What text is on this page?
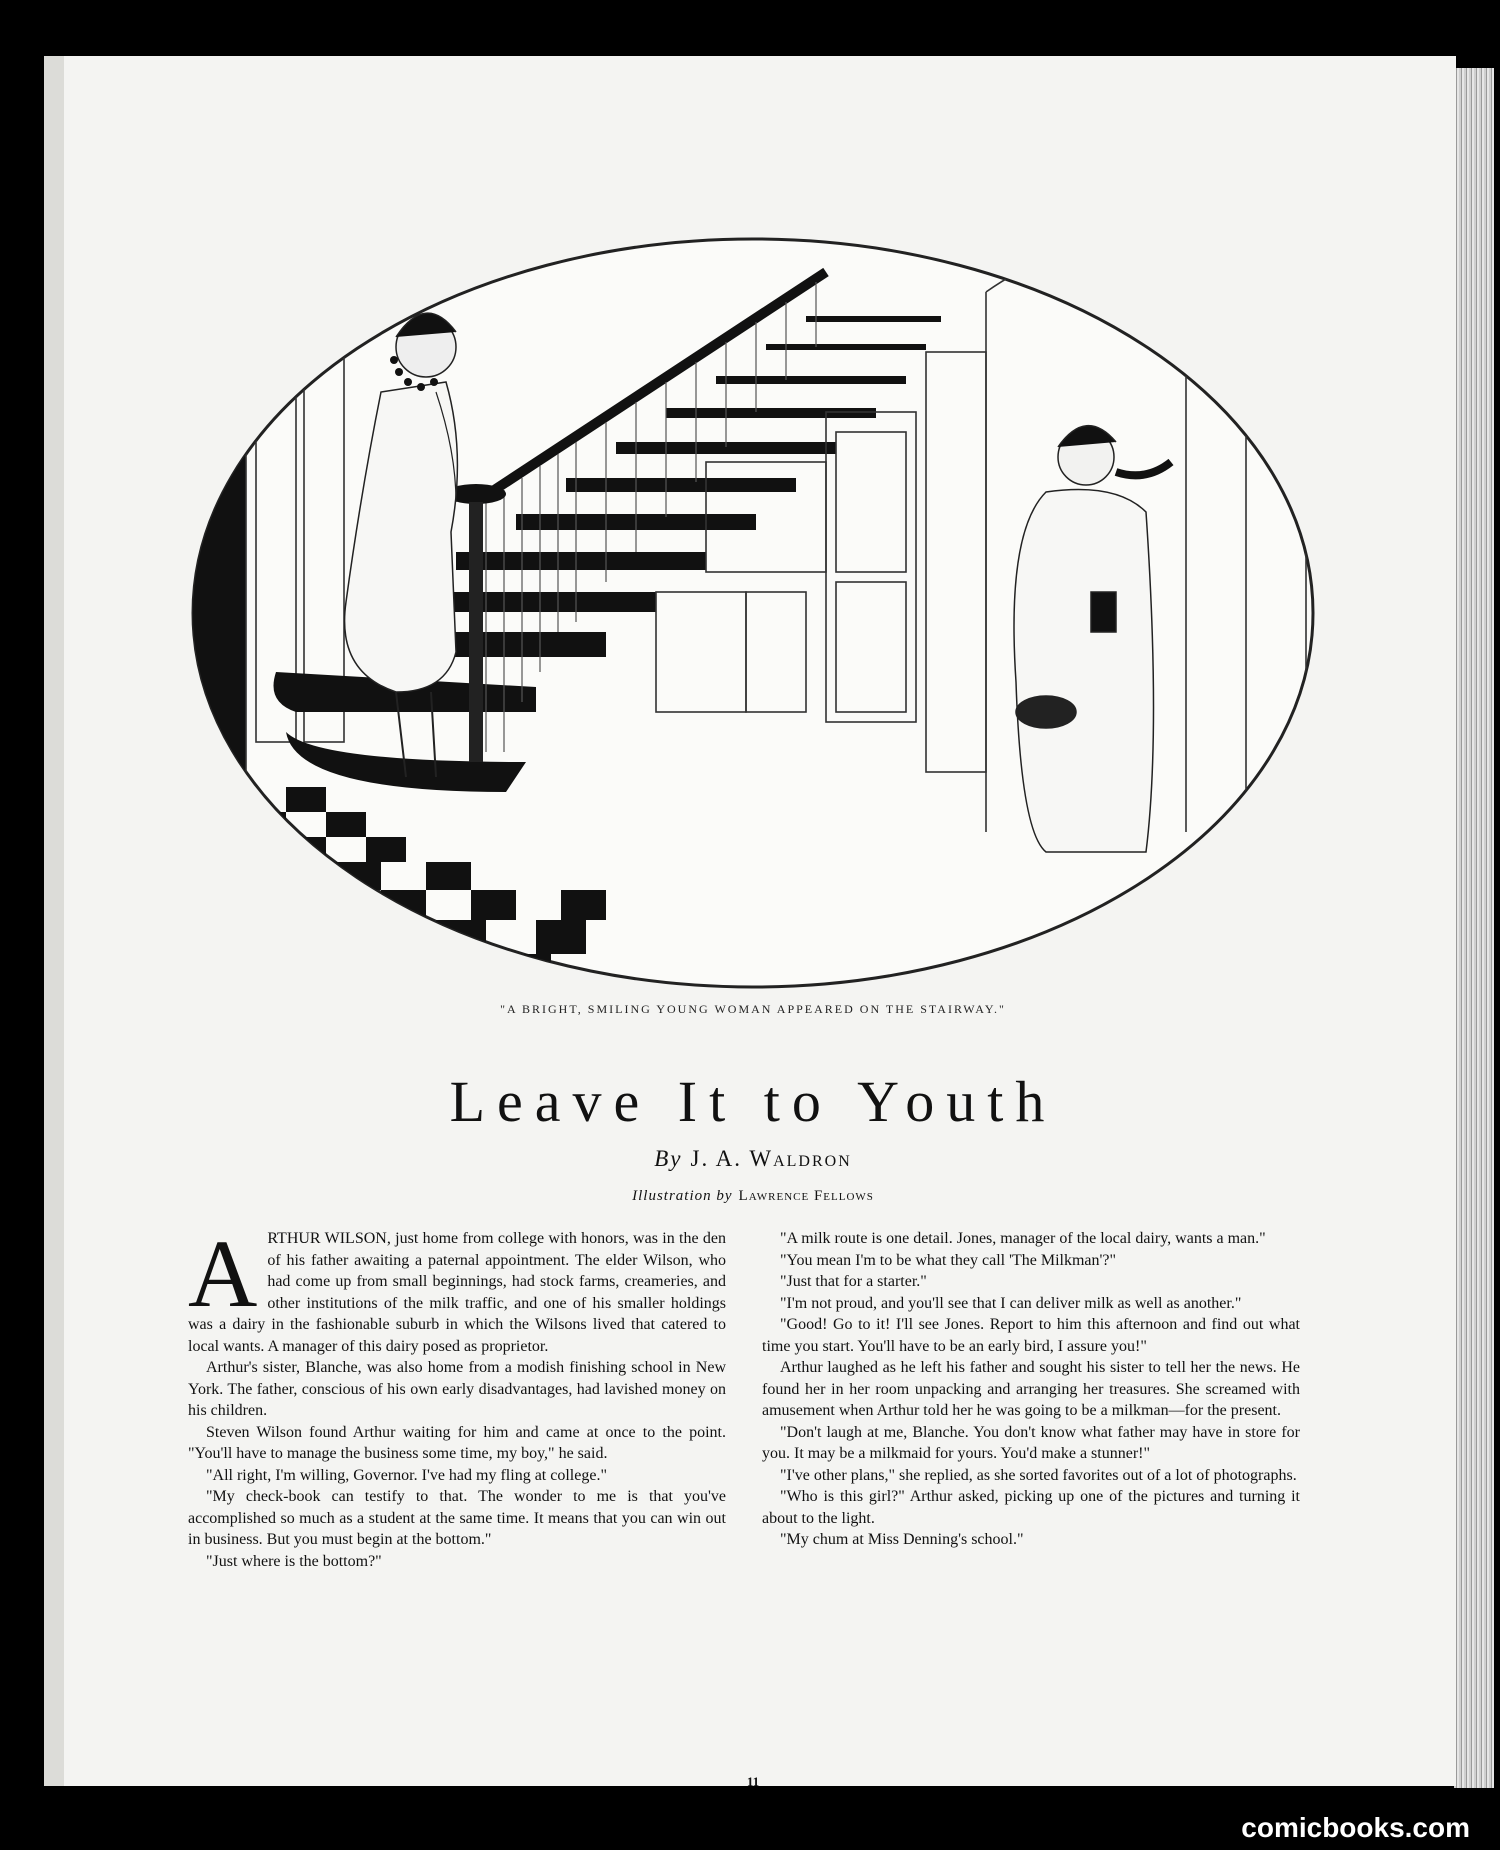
"A BRIGHT, SMILING YOUNG WOMAN APPEARED ON THE STAIRWAY."
Leave It to Youth
By J. A. Waldron
Illustration by Lawrence Fellows

ARTHUR WILSON, just home from college with honors, was in the den of his father awaiting a paternal appointment. The elder Wilson, who had come up from small beginnings, had stock farms, creameries, and other institutions of the milk traffic, and one of his smaller holdings was a dairy in the fashionable suburb in which the Wilsons lived that catered to local wants. A manager of this dairy posed as proprietor.

Arthur's sister, Blanche, was also home from a modish finishing school in New York. The father, conscious of his own early disadvantages, had lavished money on his children.

Steven Wilson found Arthur waiting for him and came at once to the point. "You'll have to manage the business some time, my boy," he said.

"All right, I'm willing, Governor. I've had my fling at college."

"My check-book can testify to that. The wonder to me is that you've accomplished so much as a student at the same time. It means that you can win out in business. But you must begin at the bottom."

"Just where is the bottom?"

"A milk route is one detail. Jones, manager of the local dairy, wants a man."

"You mean I'm to be what they call 'The Milkman'?"

"Just that for a starter."

"I'm not proud, and you'll see that I can deliver milk as well as another."

"Good! Go to it! I'll see Jones. Report to him this afternoon and find out what time you start. You'll have to be an early bird, I assure you!"

Arthur laughed as he left his father and sought his sister to tell her the news. He found her in her room unpacking and arranging her treasures. She screamed with amusement when Arthur told her he was going to be a milkman—for the present.

"Don't laugh at me, Blanche. You don't know what father may have in store for you. It may be a milkmaid for yours. You'd make a stunner!"

"I've other plans," she replied, as she sorted favorites out of a lot of photographs.

"Who is this girl?" Arthur asked, picking up one of the pictures and turning it about to the light.

"My chum at Miss Denning's school."

11
comicbooks.com
